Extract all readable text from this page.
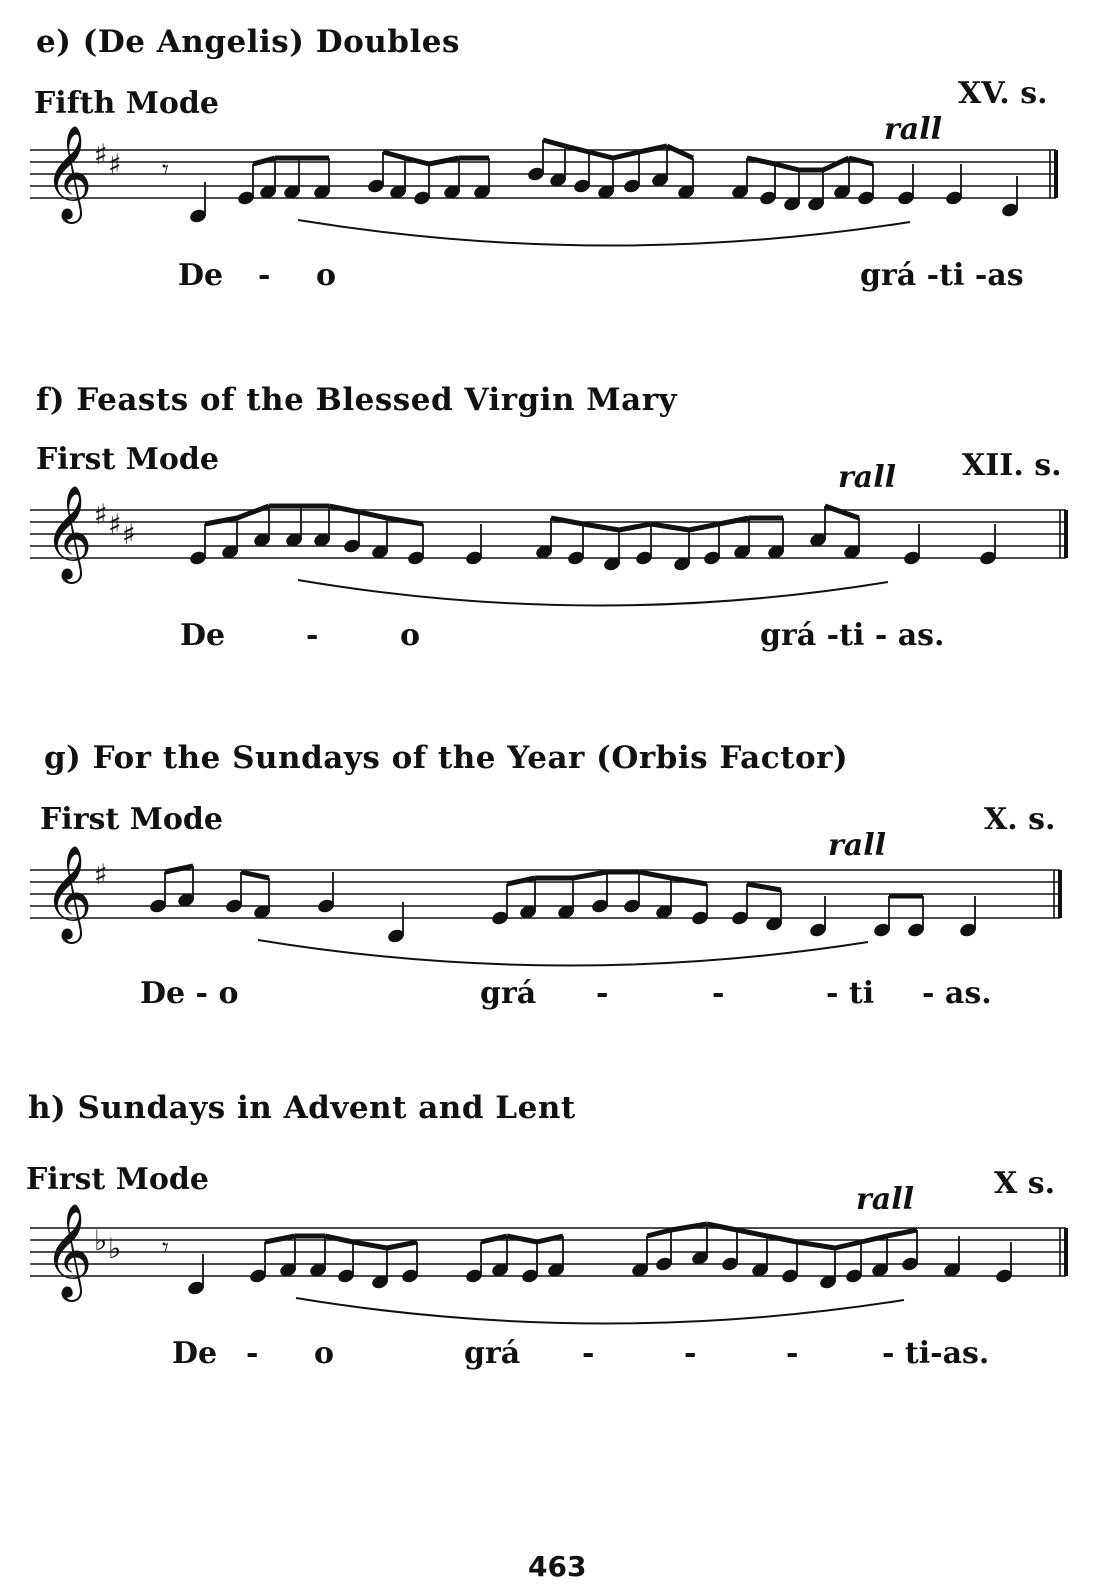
e) (De Angelis) Doubles
Fifth Mode	XV. s.
rall
𝄞 ♯ ♯ 𝄾
De - o	grá -ti -as
f) Feasts of the Blessed Virgin Mary
First Mode	XII. s.
rall
𝄞 ♯ ♯ ♯
De	-	o	grá -ti - as.
g) For the Sundays of the Year (Orbis Factor)
First Mode	X. s.
rall
𝄞 ♯
De - o	grá -	-	- ti - as.
h) Sundays in Advent and Lent
First Mode	X s.
rall
𝄞 ♭ ♭ 𝄾
De - o	grá -	-	-	- ti-as.
463
